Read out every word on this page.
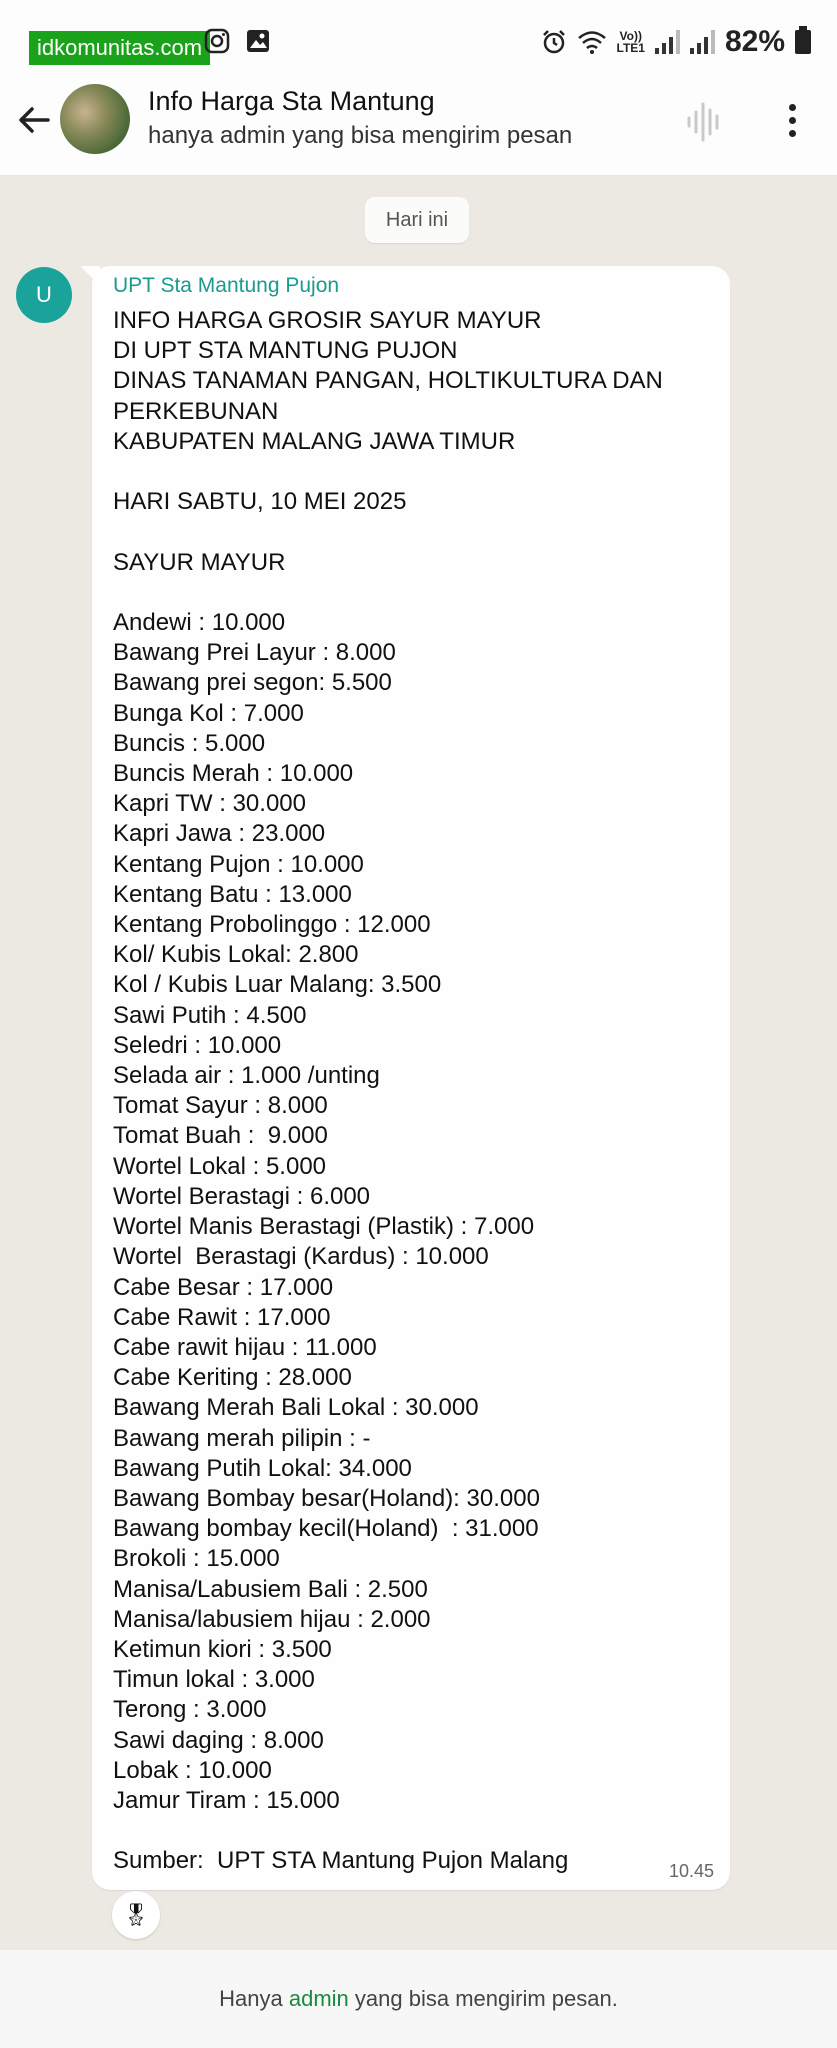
idkomunitas.com
	Vo))
LTE1	82%
Info Harga Sta Mantung
hanya admin yang bisa mengirim pesan
Hari ini
U	UPT Sta Mantung Pujon
INFO HARGA GROSIR SAYUR MAYUR
DI UPT STA MANTUNG PUJON
DINAS TANAMAN PANGAN, HOLTIKULTURA DAN PERKEBUNAN
KABUPATEN MALANG JAWA TIMUR

HARI SABTU, 10 MEI 2025

SAYUR MAYUR

Andewi : 10.000
Bawang Prei Layur : 8.000
Bawang prei segon: 5.500
Bunga Kol : 7.000
Buncis : 5.000
Buncis Merah : 10.000
Kapri TW : 30.000
Kapri Jawa : 23.000
Kentang Pujon : 10.000
Kentang Batu : 13.000
Kentang Probolinggo : 12.000
Kol/ Kubis Lokal: 2.800
Kol / Kubis Luar Malang: 3.500
Sawi Putih : 4.500
Seledri : 10.000
Selada air : 1.000 /unting
Tomat Sayur : 8.000
Tomat Buah :  9.000
Wortel Lokal : 5.000
Wortel Berastagi : 6.000
Wortel Manis Berastagi (Plastik) : 7.000
Wortel  Berastagi (Kardus) : 10.000
Cabe Besar : 17.000
Cabe Rawit : 17.000
Cabe rawit hijau : 11.000
Cabe Keriting : 28.000
Bawang Merah Bali Lokal : 30.000
Bawang merah pilipin : -
Bawang Putih Lokal: 34.000
Bawang Bombay besar(Holand): 30.000
Bawang bombay kecil(Holand)  : 31.000
Brokoli : 15.000
Manisa/Labusiem Bali : 2.500
Manisa/labusiem hijau : 2.000
Ketimun kiori : 3.500
Timun lokal : 3.000
Terong : 3.000
Sawi daging : 8.000
Lobak : 10.000
Jamur Tiram : 15.000

Sumber:  UPT STA Mantung Pujon Malang	10.45
🎖
Hanya admin yang bisa mengirim pesan.
